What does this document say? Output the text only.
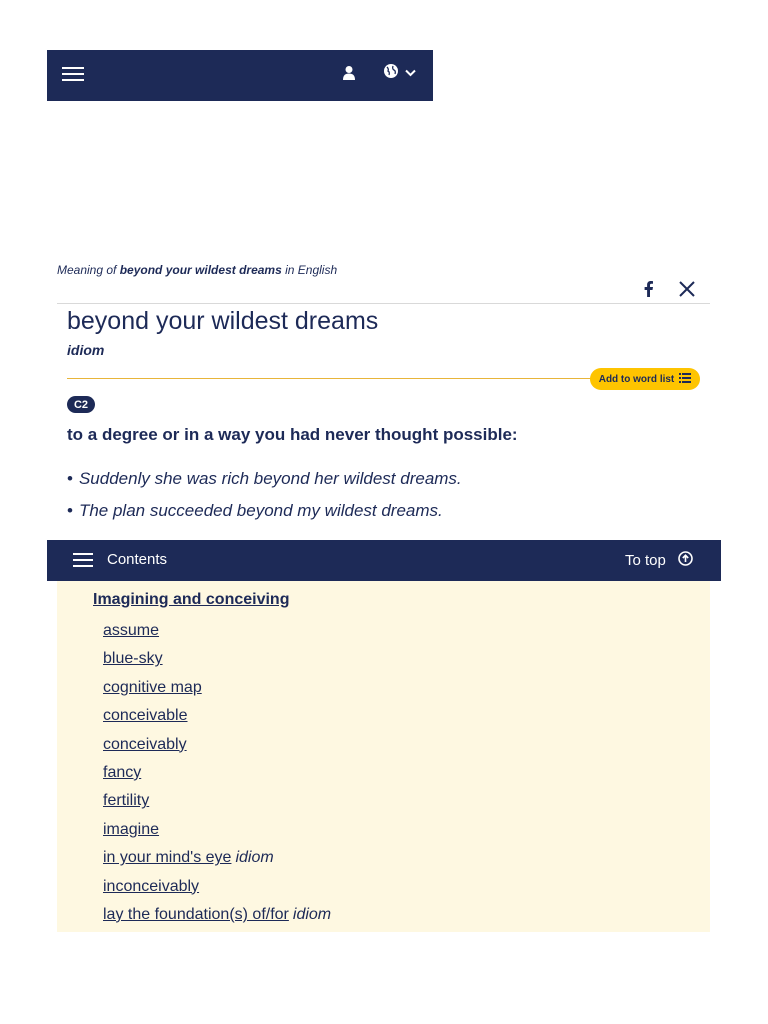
Meaning of beyond your wildest dreams in English
beyond your wildest dreams
idiom
Add to word list
C2
to a degree or in a way you had never thought possible:
• Suddenly she was rich beyond her wildest dreams.
• The plan succeeded beyond my wildest dreams.
Contents	To top
Imagining and conceiving
assume
blue-sky
cognitive map
conceivable
conceivably
fancy
fertility
imagine
in your mind's eye idiom
inconceivably
lay the foundation(s) of/for idiom
